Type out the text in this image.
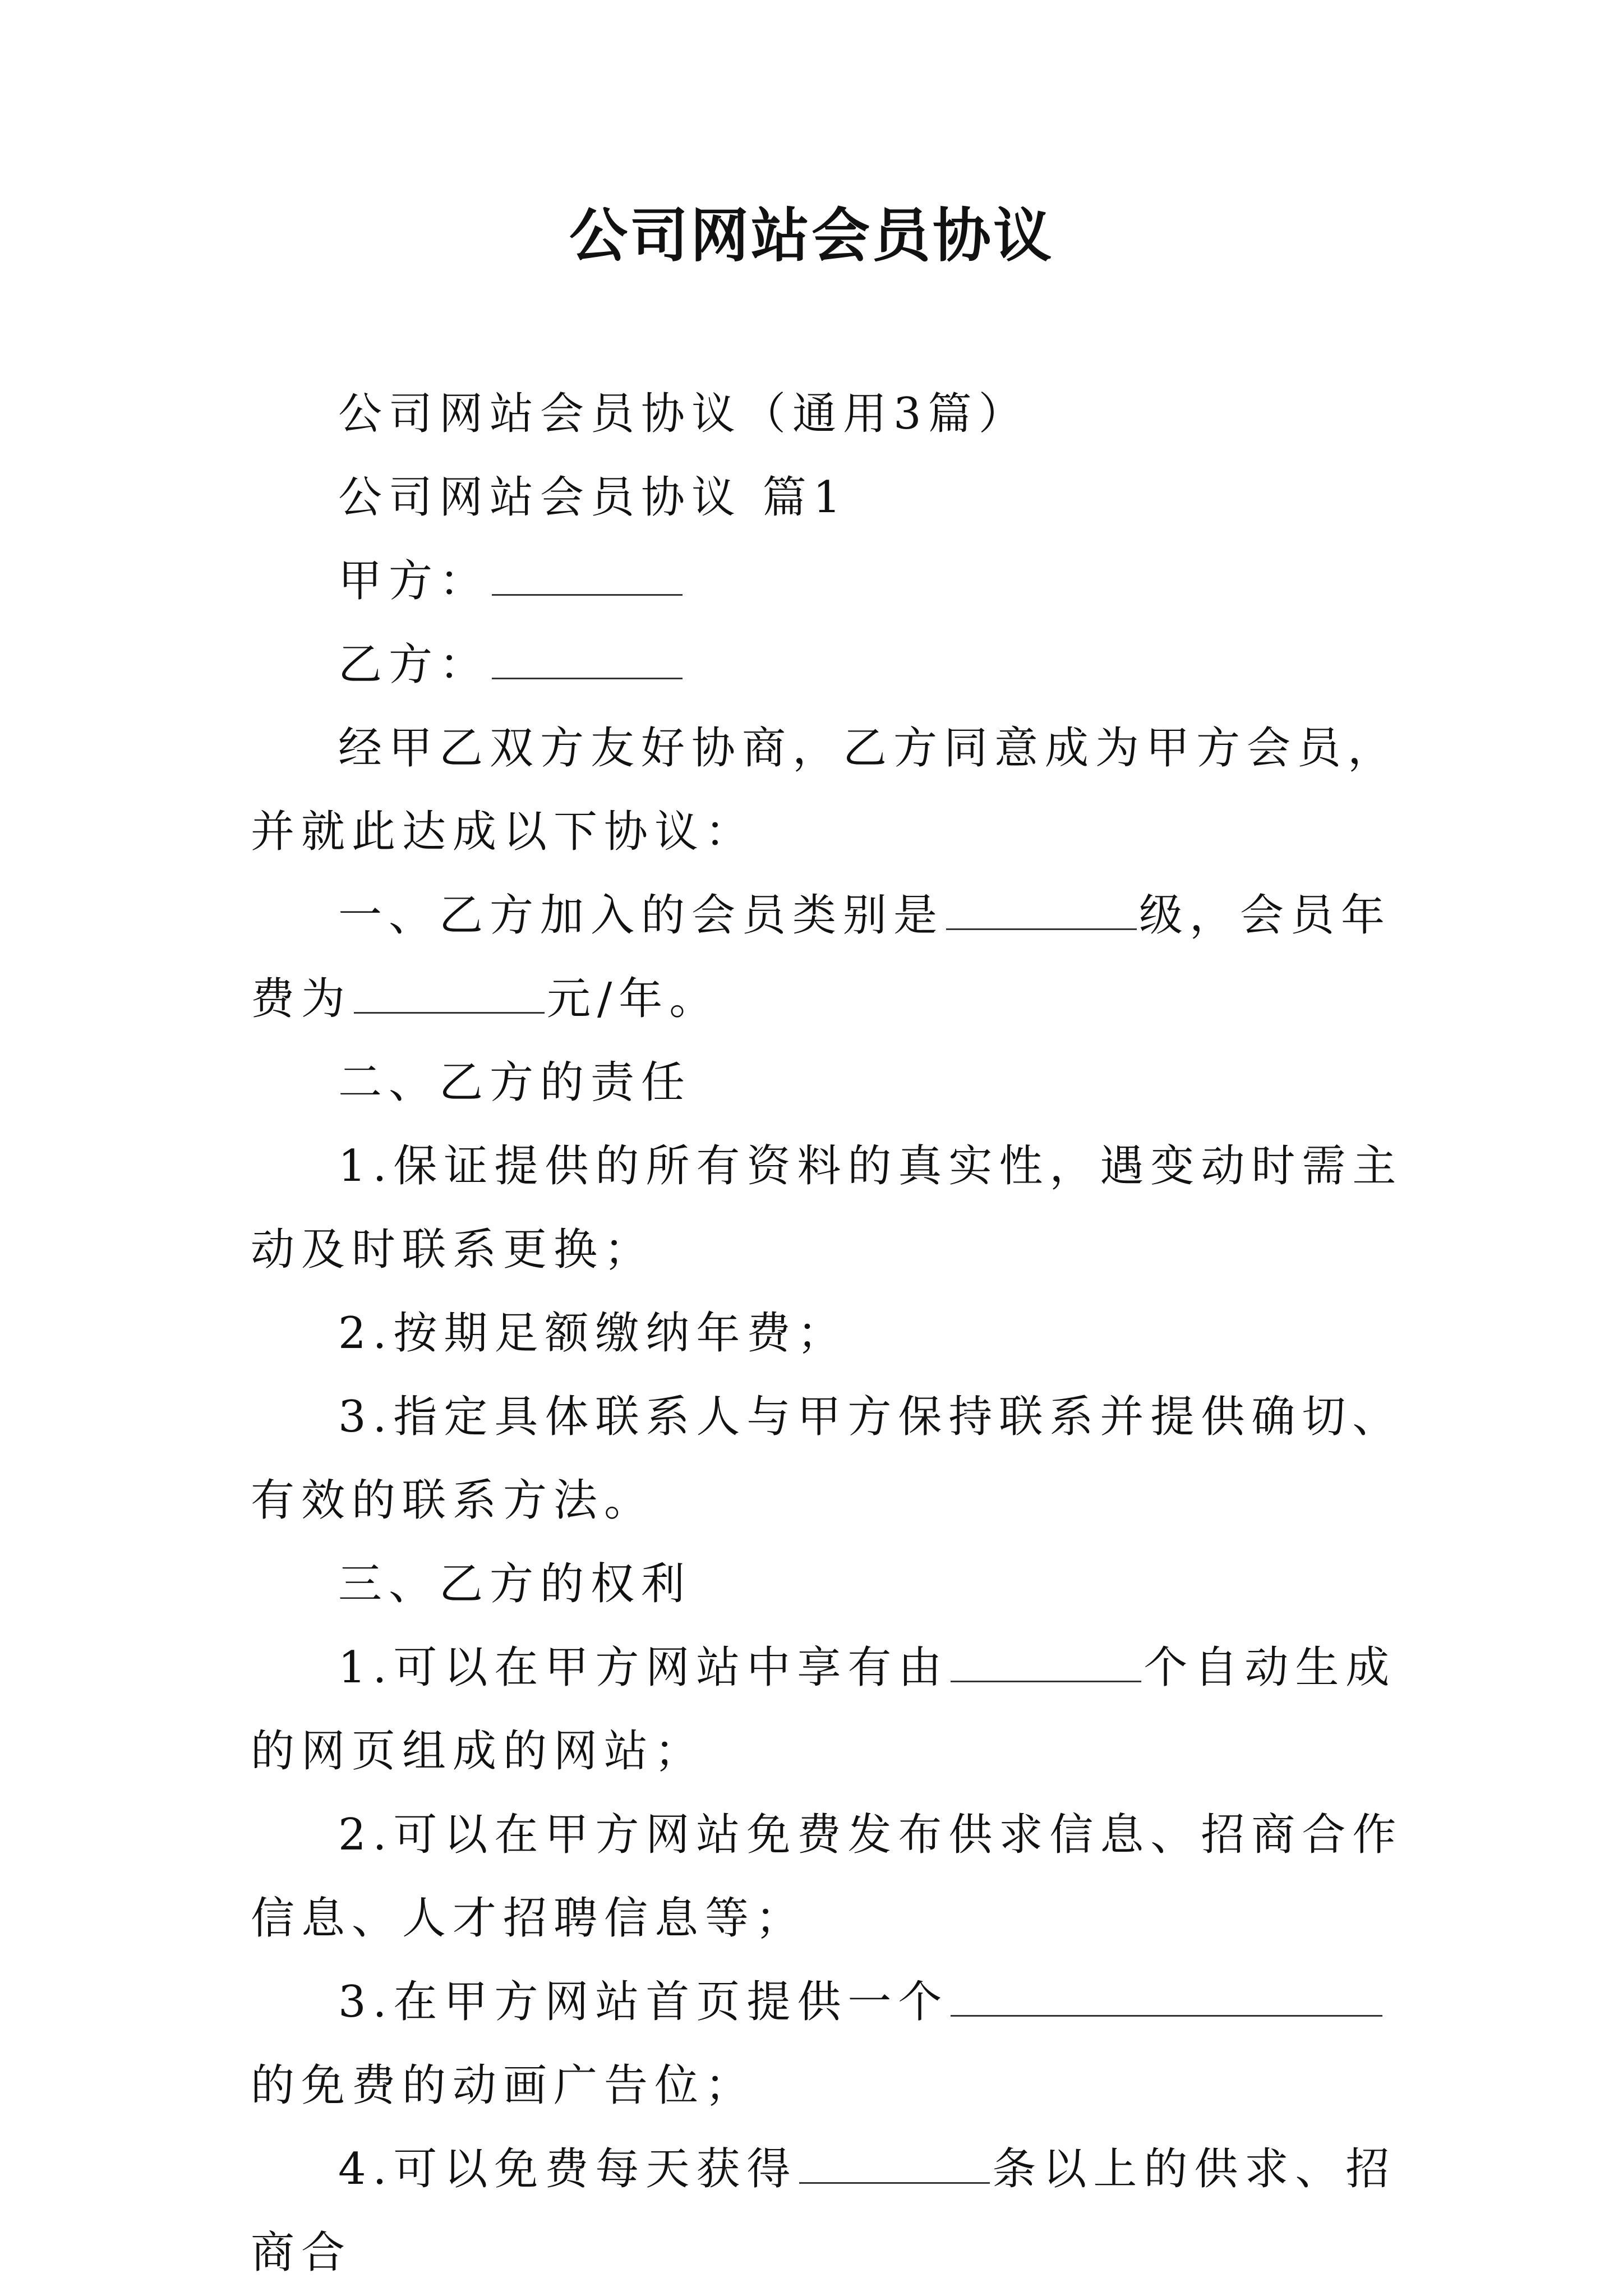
公司网站会员协议

公司网站会员协议（通用3篇）

公司网站会员协议 篇1

甲方：

乙方：

经甲乙双方友好协商，乙方同意成为甲方会员，并就此达成以下协议：

一、乙方加入的会员类别是	级，会员年费为	元/年。

二、乙方的责任

1.保证提供的所有资料的真实性，遇变动时需主动及时联系更换；

2.按期足额缴纳年费；

3.指定具体联系人与甲方保持联系并提供确切、有效的联系方法。

三、乙方的权利

1.可以在甲方网站中享有由	个自动生成的网页组成的网站；

2.可以在甲方网站免费发布供求信息、招商合作信息、人才招聘信息等；

3.在甲方网站首页提供一个的免费的动画广告位；

4.可以免费每天获得	条以上的供求、招商合
